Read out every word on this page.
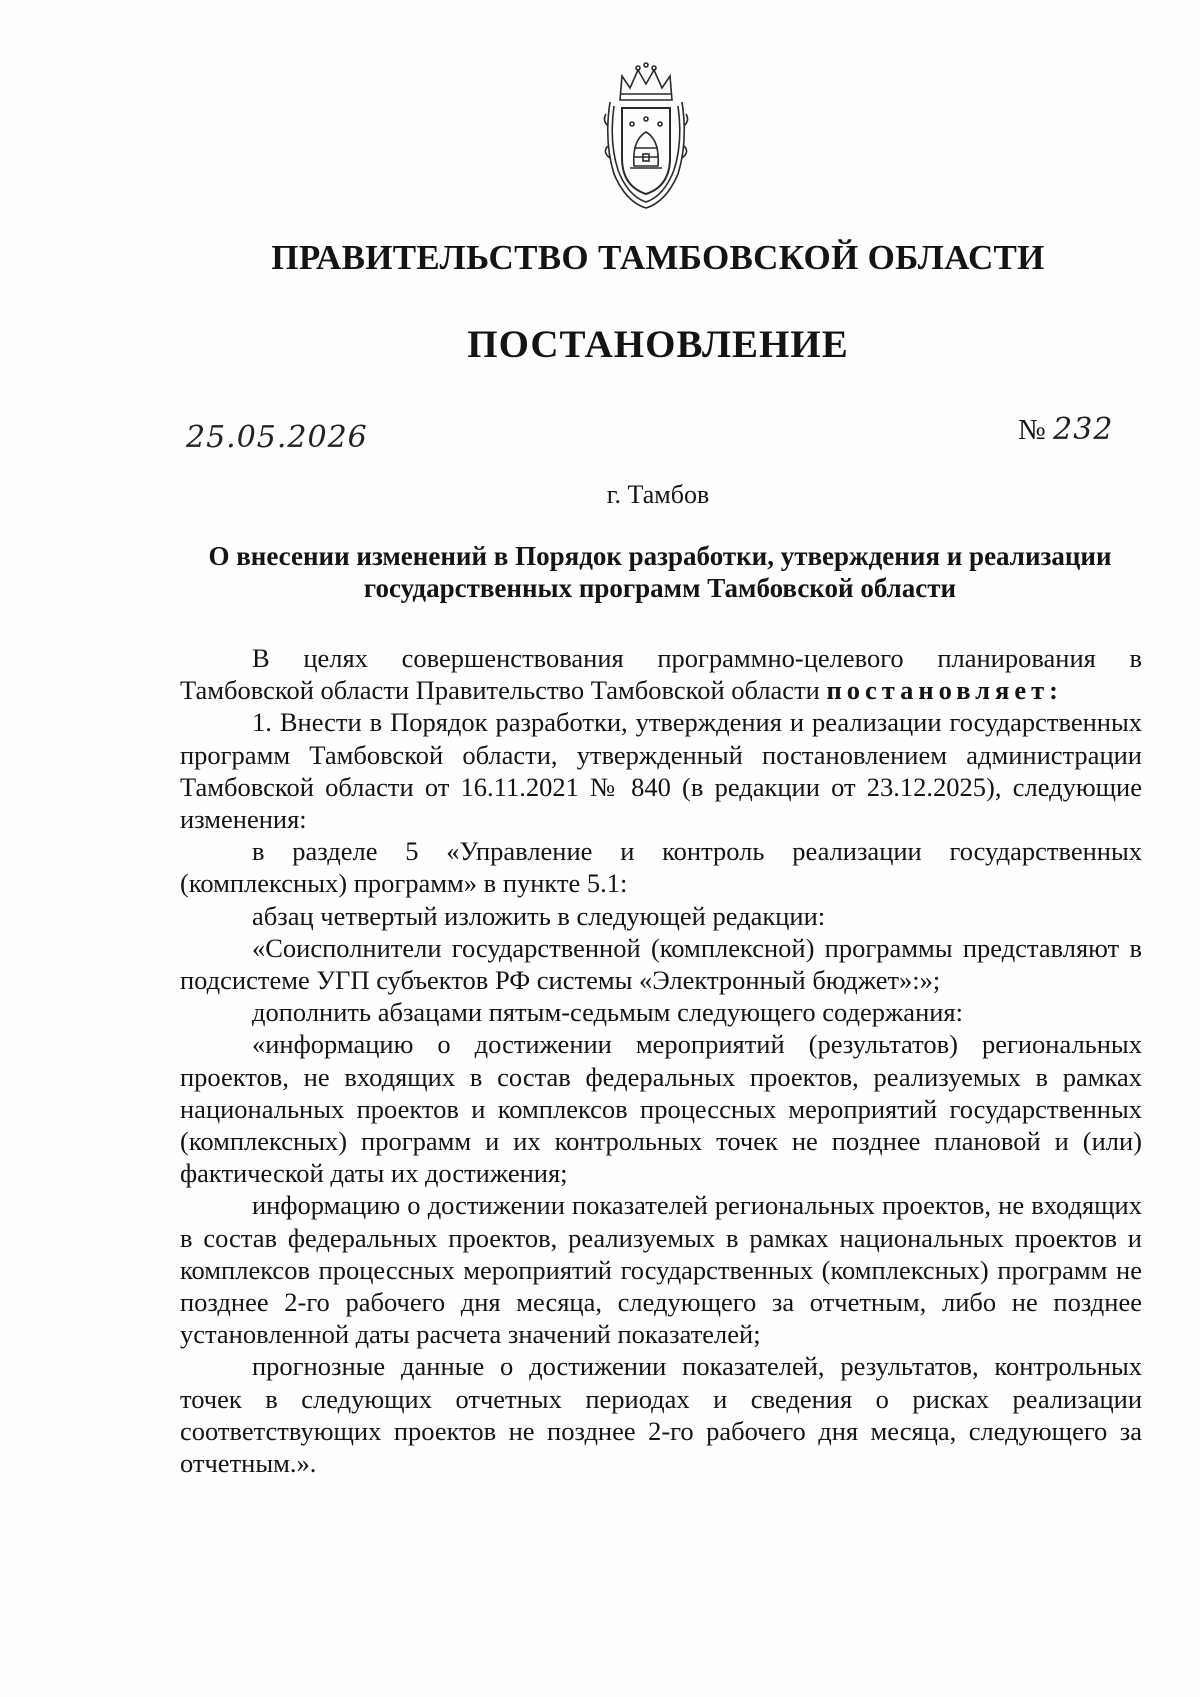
ПРАВИТЕЛЬСТВО ТАМБОВСКОЙ ОБЛАСТИ
ПОСТАНОВЛЕНИЕ
25.05.2026	№ 232
г. Тамбов
О внесении изменений в Порядок разработки, утверждения и реализации
государственных программ Тамбовской области

В целях совершенствования программно-целевого планирования в Тамбовской области Правительство Тамбовской области постановляет:

1. Внести в Порядок разработки, утверждения и реализации государственных программ Тамбовской области, утвержденный постановлением администрации Тамбовской области от 16.11.2021 № 840 (в редакции от 23.12.2025), следующие изменения:

в разделе 5 «Управление и контроль реализации государственных (комплексных) программ» в пункте 5.1:

абзац четвертый изложить в следующей редакции:

«Соисполнители государственной (комплексной) программы представляют в подсистеме УГП субъектов РФ системы «Электронный бюджет»:»;

дополнить абзацами пятым-седьмым следующего содержания:

«информацию о достижении мероприятий (результатов) региональных проектов, не входящих в состав федеральных проектов, реализуемых в рамках национальных проектов и комплексов процессных мероприятий государственных (комплексных) программ и их контрольных точек не позднее плановой и (или) фактической даты их достижения;

информацию о достижении показателей региональных проектов, не входящих в состав федеральных проектов, реализуемых в рамках национальных проектов и комплексов процессных мероприятий государственных (комплексных) программ не позднее 2-го рабочего дня месяца, следующего за отчетным, либо не позднее установленной даты расчета значений показателей;

прогнозные данные о достижении показателей, результатов, контрольных точек в следующих отчетных периодах и сведения о рисках реализации соответствующих проектов не позднее 2-го рабочего дня месяца, следующего за отчетным.».
